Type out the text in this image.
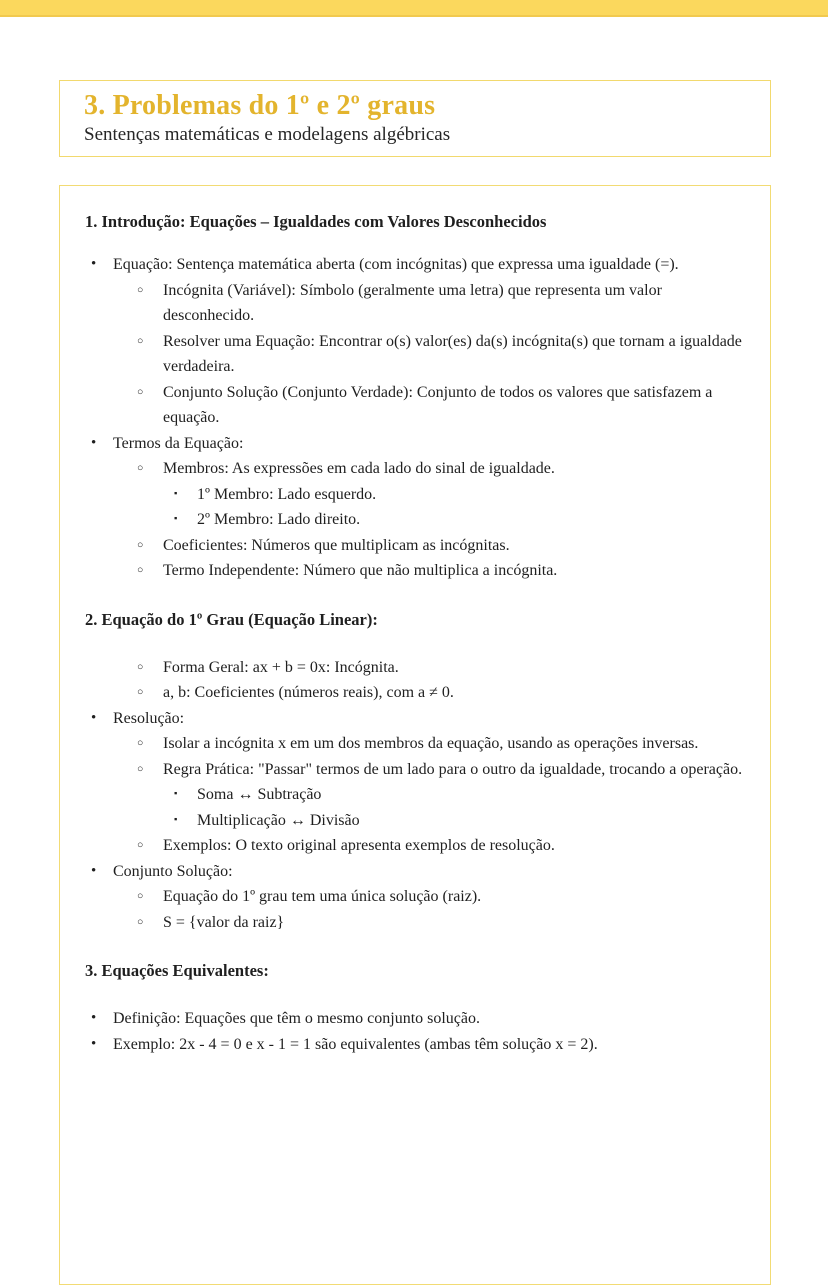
3. Problemas do 1º e 2º graus
Sentenças matemáticas e modelagens algébricas
1. Introdução: Equações – Igualdades com Valores Desconhecidos
• Equação: Sentença matemática aberta (com incógnitas) que expressa uma igualdade (=).
○ Incógnita (Variável): Símbolo (geralmente uma letra) que representa um valor desconhecido.
○ Resolver uma Equação: Encontrar o(s) valor(es) da(s) incógnita(s) que tornam a igualdade verdadeira.
○ Conjunto Solução (Conjunto Verdade): Conjunto de todos os valores que satisfazem a equação.
• Termos da Equação:
○ Membros: As expressões em cada lado do sinal de igualdade.
▪ 1º Membro: Lado esquerdo.
▪ 2º Membro: Lado direito.
○ Coeficientes: Números que multiplicam as incógnitas.
○ Termo Independente: Número que não multiplica a incógnita.
2. Equação do 1º Grau (Equação Linear):
○ Forma Geral: ax + b = 0x: Incógnita.
○ a, b: Coeficientes (números reais), com a ≠ 0.
• Resolução:
○ Isolar a incógnita x em um dos membros da equação, usando as operações inversas.
○ Regra Prática: "Passar" termos de um lado para o outro da igualdade, trocando a operação.
▪ Soma ↔ Subtração
▪ Multiplicação ↔ Divisão
○ Exemplos: O texto original apresenta exemplos de resolução.
• Conjunto Solução:
○ Equação do 1º grau tem uma única solução (raiz).
○ S = {valor da raiz}
3. Equações Equivalentes:
• Definição: Equações que têm o mesmo conjunto solução.
• Exemplo: 2x - 4 = 0 e x - 1 = 1 são equivalentes (ambas têm solução x = 2).
